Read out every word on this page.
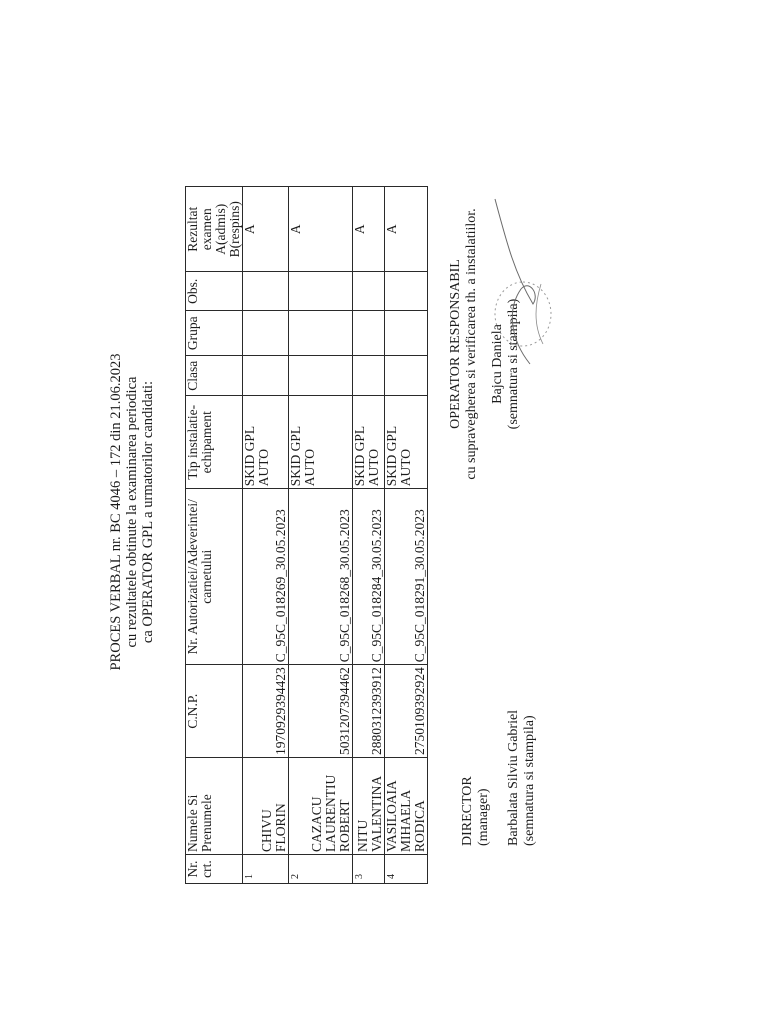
PROCES VERBAL nr. BC 4046 – 172 din 21.06.2023 cu rezultatele obtinute la examinarea periodica ca OPERATOR GPL a urmatorilor candidati:
Nr. crt.	Numele Si Prenumele	C.N.P.	Nr. Autorizatiei/Adeverintei/ carnetului	Tip instalatie-echipament	Clasa	Grupa	Obs.	Rezultat examen A(admis) B(respins)
1	CHIVU FLORIN	1970929394423	C_95C_018269_30.05.2023	SKID GPL AUTO				A
2	CAZACU LAURENTIU ROBERT	5031207394462	C_95C_018268_30.05.2023	SKID GPL AUTO				A
3	NITU VALENTINA	2880312393912	C_95C_018284_30.05.2023	SKID GPL AUTO				A
4	VASILOAIA MIHAELA RODICA	2750109392924	C_95C_018291_30.05.2023	SKID GPL AUTO				A
DIRECTOR (manager) Barbalata Silviu Gabriel (semnatura si stampila)
OPERATOR RESPONSABIL cu supravegherea si verificarea th. a instalatiilor. Bajcu Daniela (semnatura si stampila)
